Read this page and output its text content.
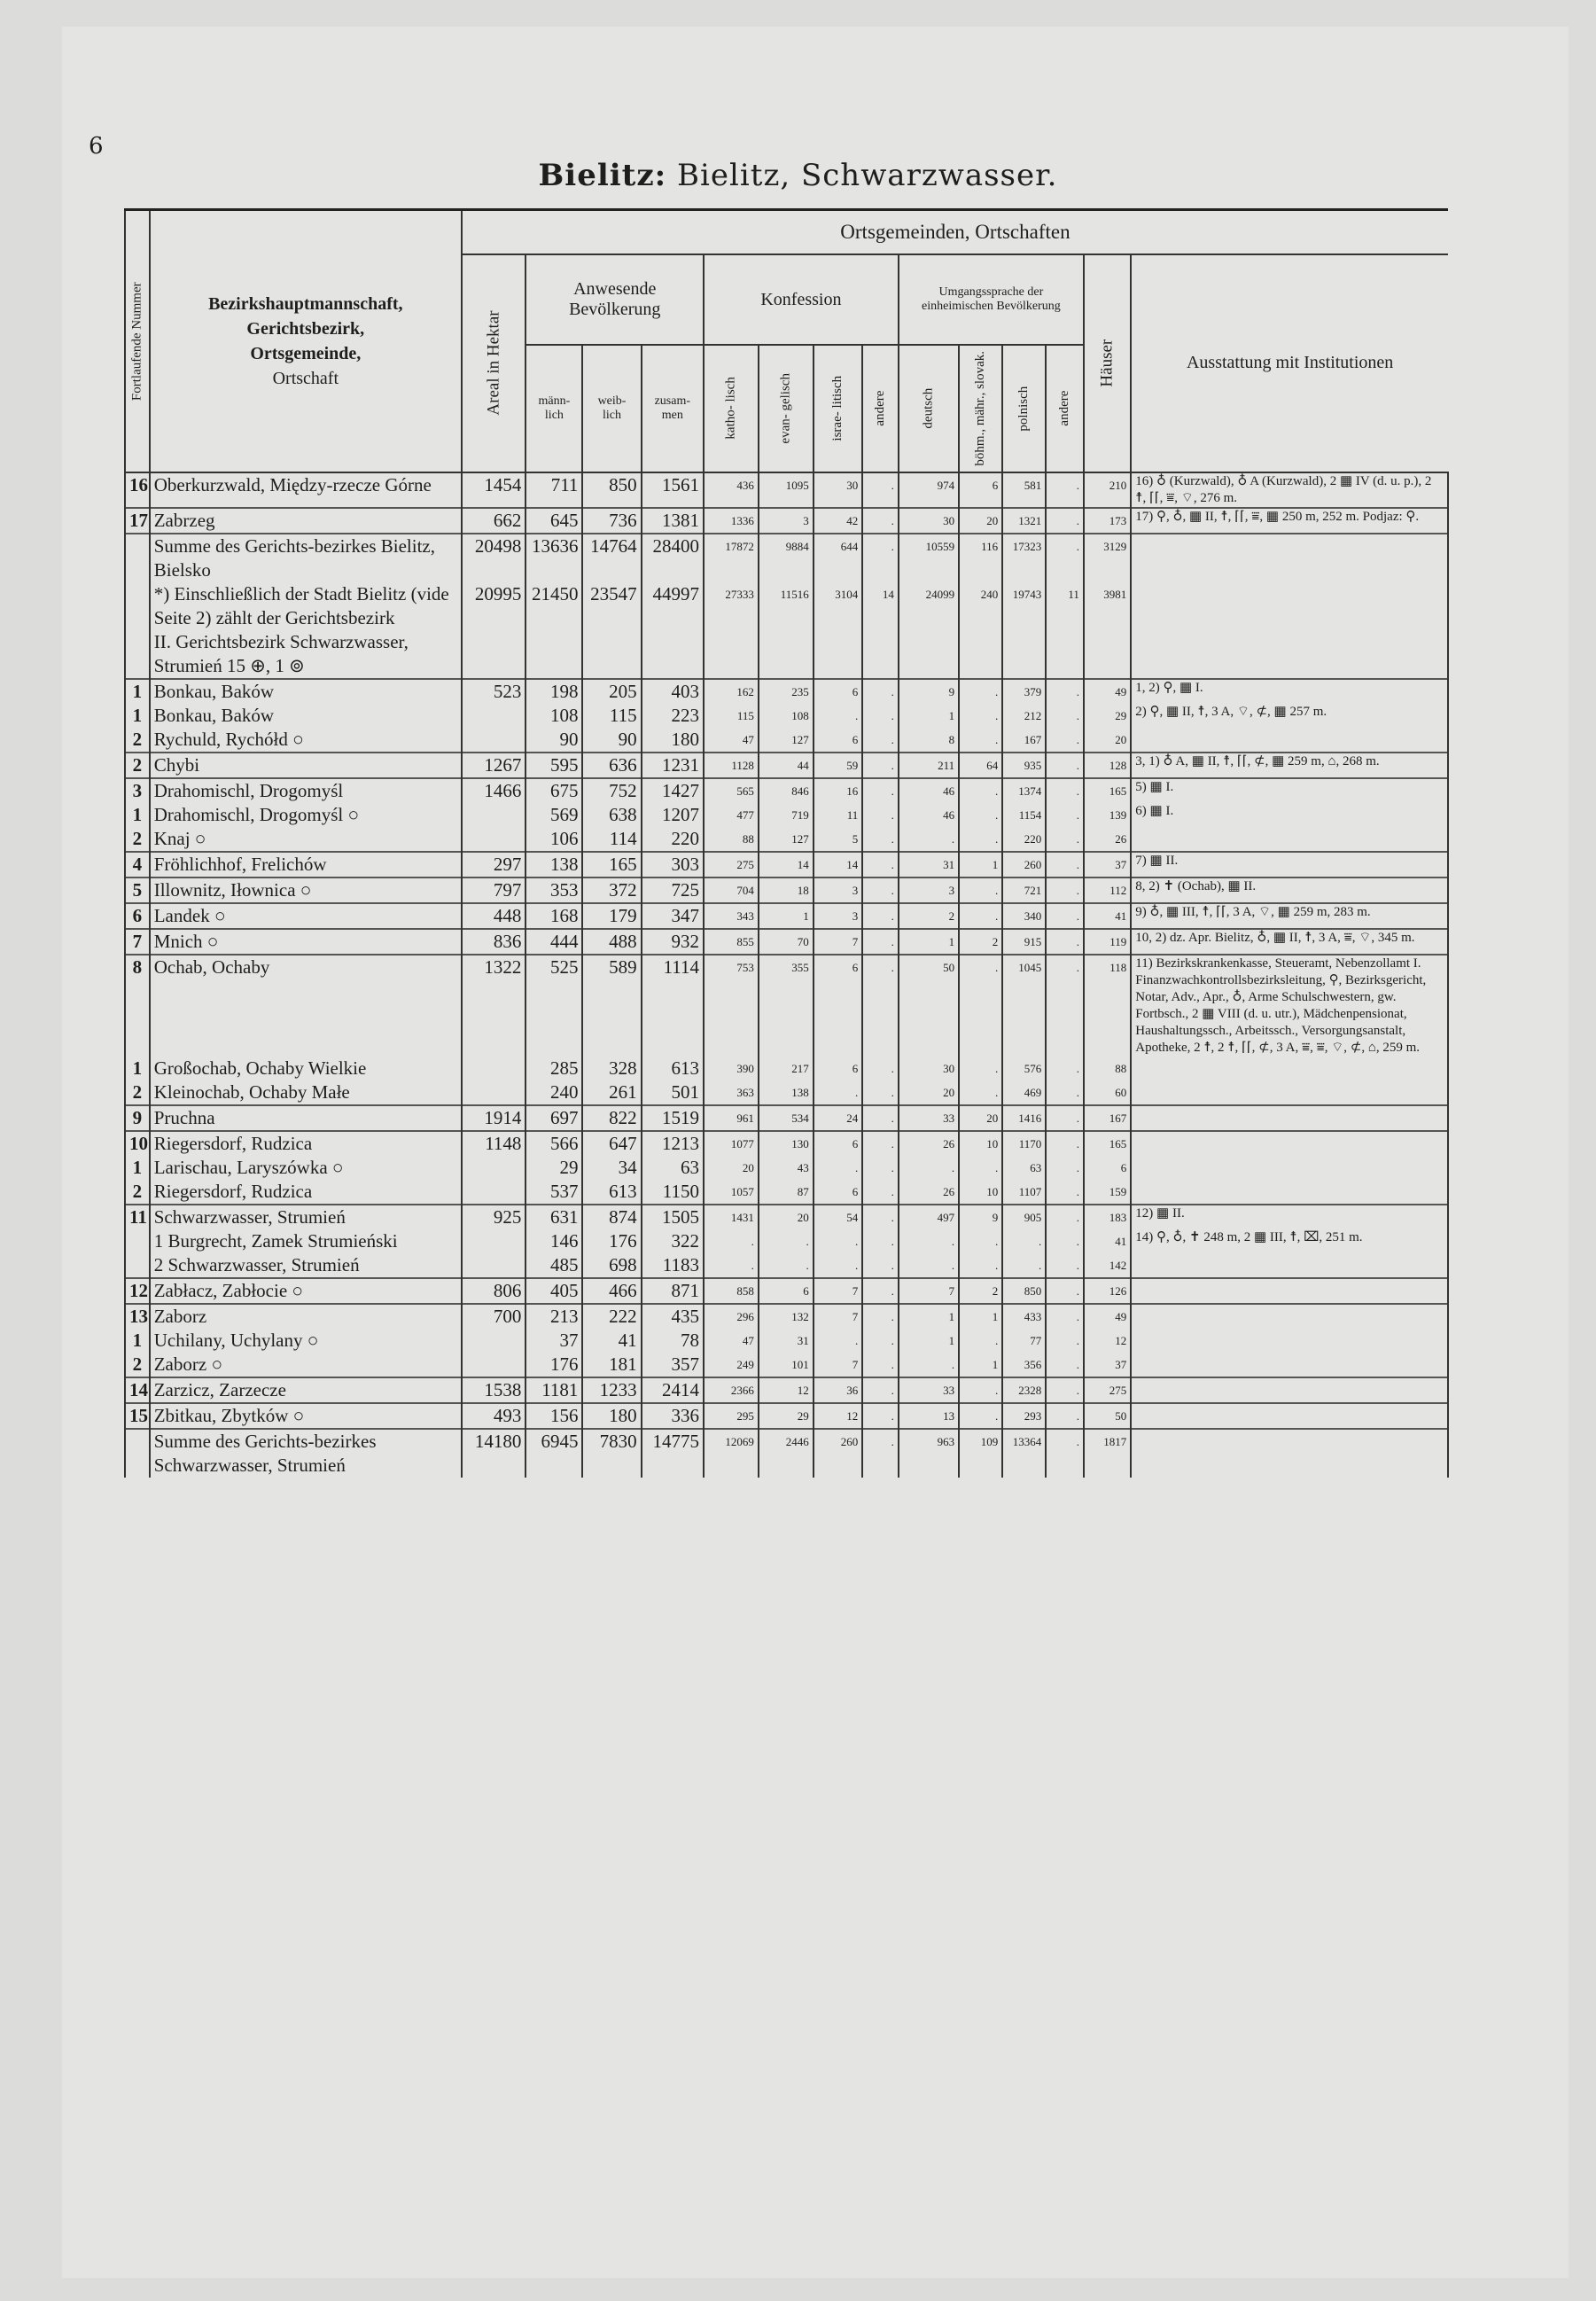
6
Bielitz: Bielitz, Schwarzwasser.
Fortlaufende Nummer	Bezirkshauptmannschaft,
Gerichtsbezirk,
Ortsgemeinde,
Ortschaft	Ortsgemeinden, Ortschaften													
		Areal in Hektar	Anwesende Bevölkerung			Konfession				Umgangssprache der einheimischen Bevölkerung				Häuser	Ausstattung mit Institutionen
			männ- lich	weib- lich	zusam- men	katho- lisch	evan- gelisch	israe- litisch	andere	deutsch	böhm., mähr., slovak.	polnisch	andere		
16	Oberkurzwald, Między-rzecze Górne	1454	711	850	1561	436	1095	30	.	974	6	581	.	210	16) ♁ (Kurzwald), ♁ A (Kurzwald), 2 ▦ IV (d. u. p.), 2 ☨, ⌈⌈, ⩸, ⌔, 276 m.
17	Zabrzeg	662	645	736	1381	1336	3	42	.	30	20	1321	.	173	17) ⚲, ♁, ▦ II, ☨, ⌈⌈, ⩸, ▦ 250 m, 252 m. Podjaz: ⚲.
	Summe des Gerichts-bezirkes Bielitz, Bielsko	20498	13636	14764	28400	17872	9884	644	.	10559	116	17323	.	3129	
	*) Einschließlich der Stadt Bielitz (vide Seite 2) zählt der Gerichtsbezirk	20995	21450	23547	44997	27333	11516	3104	14	24099	240	19743	11	3981	
	II. Gerichtsbezirk Schwarzwasser, Strumień 15 ⊕, 1 ⊚														
1	Bonkau, Baków	523	198	205	403	162	235	6	.	9	.	379	.	49	1, 2) ⚲, ▦ I.
1	Bonkau, Baków		108	115	223	115	108	.	.	1	.	212	.	29	2) ⚲, ▦ II, ☨, 3 A, ⌔, ⊄, ▦ 257 m.
2	Rychuld, Rychółd ○		90	90	180	47	127	6	.	8	.	167	.	20	
2	Chybi	1267	595	636	1231	1128	44	59	.	211	64	935	.	128	3, 1) ♁ A, ▦ II, ☨, ⌈⌈, ⊄, ▦ 259 m, ⌂, 268 m.
3	Drahomischl, Drogomyśl	1466	675	752	1427	565	846	16	.	46	.	1374	.	165	5) ▦ I.
1	Drahomischl, Drogomyśl ○		569	638	1207	477	719	11	.	46	.	1154	.	139	6) ▦ I.
2	Knaj ○		106	114	220	88	127	5	.	.	.	220	.	26	
4	Fröhlichhof, Frelichów	297	138	165	303	275	14	14	.	31	1	260	.	37	7) ▦ II.
5	Illownitz, Iłownica ○	797	353	372	725	704	18	3	.	3	.	721	.	112	8, 2) ✝ (Ochab), ▦ II.
6	Landek ○	448	168	179	347	343	1	3	.	2	.	340	.	41	9) ♁, ▦ III, ☨, ⌈⌈, 3 A, ⌔, ▦ 259 m, 283 m.
7	Mnich ○	836	444	488	932	855	70	7	.	1	2	915	.	119	10, 2) dz. Apr. Bielitz, ♁, ▦ II, ☨, 3 A, ⩸, ⌔, 345 m.
8	Ochab, Ochaby	1322	525	589	1114	753	355	6	.	50	.	1045	.	118	11) Bezirkskrankenkasse, Steueramt, Nebenzollamt I. Finanzwachkontrollsbezirksleitung, ⚲, Bezirksgericht, Notar, Adv., Apr., ♁, Arme Schulschwestern, gw. Fortbsch., 2 ▦ VIII (d. u. utr.), Mädchenpensionat, Haushaltungssch., Arbeitssch., Versorgungsanstalt, Apotheke, 2 ☨, 2 ☨, ⌈⌈, ⊄, 3 A, ⩸, ⩸, ⌔, ⊄, ⌂, 259 m.
1	Großochab, Ochaby Wielkie		285	328	613	390	217	6	.	30	.	576	.	88	
2	Kleinochab, Ochaby Małe		240	261	501	363	138	.	.	20	.	469	.	60	
9	Pruchna	1914	697	822	1519	961	534	24	.	33	20	1416	.	167	
10	Riegersdorf, Rudzica	1148	566	647	1213	1077	130	6	.	26	10	1170	.	165	
1	Larischau, Laryszówka ○		29	34	63	20	43	.	.	.	.	63	.	6	
2	Riegersdorf, Rudzica		537	613	1150	1057	87	6	.	26	10	1107	.	159	
11	Schwarzwasser, Strumień	925	631	874	1505	1431	20	54	.	497	9	905	.	183	12) ▦ II.
	1 Burgrecht, Zamek Strumieński		146	176	322	.	.	.	.	.	.	.	.	41	14) ⚲, ♁, ✝ 248 m, 2 ▦ III, ☨, ⌧, 251 m.
	2 Schwarzwasser, Strumień		485	698	1183	.	.	.	.	.	.	.	.	142	
12	Zabłacz, Zabłocie ○	806	405	466	871	858	6	7	.	7	2	850	.	126	
13	Zaborz	700	213	222	435	296	132	7	.	1	1	433	.	49	
1	Uchilany, Uchylany ○		37	41	78	47	31	.	.	1	.	77	.	12	
2	Zaborz ○		176	181	357	249	101	7	.	.	1	356	.	37	
14	Zarzicz, Zarzecze	1538	1181	1233	2414	2366	12	36	.	33	.	2328	.	275	
15	Zbitkau, Zbytków ○	493	156	180	336	295	29	12	.	13	.	293	.	50	
	Summe des Gerichts-bezirkes Schwarzwasser, Strumień	14180	6945	7830	14775	12069	2446	260	.	963	109	13364	.	1817	
